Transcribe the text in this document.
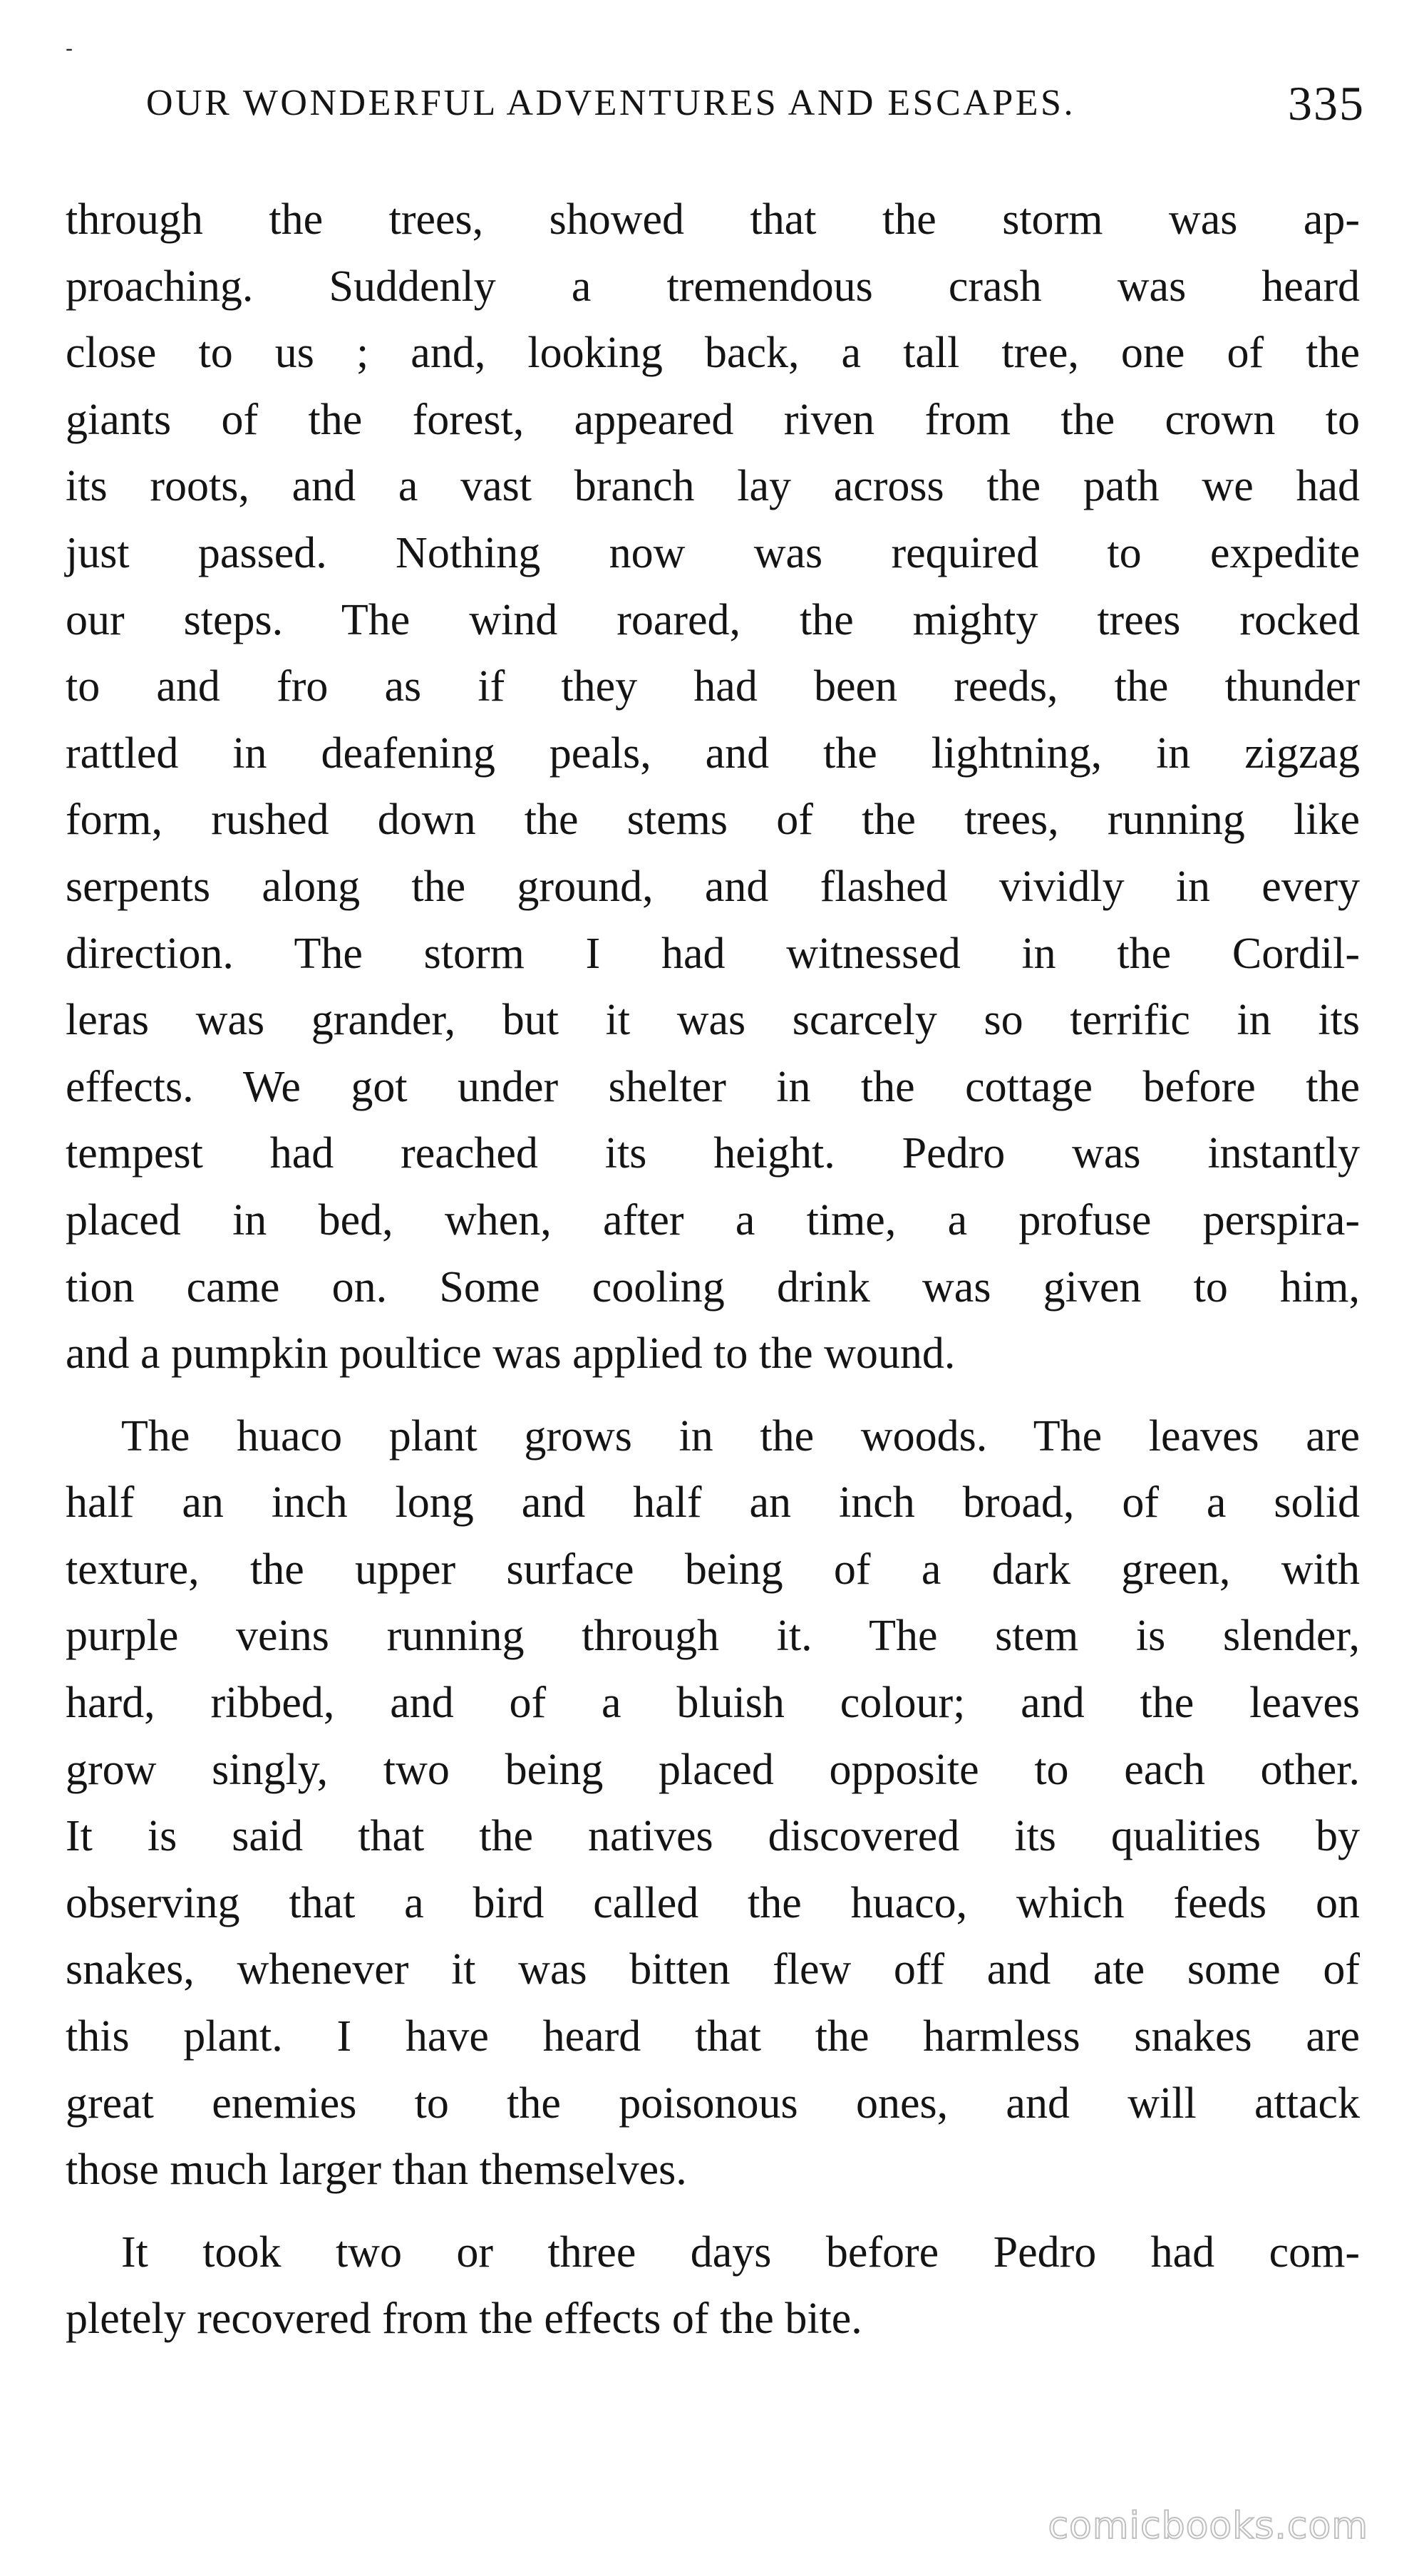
-
OUR WONDERFUL ADVENTURES AND ESCAPES.	335
through the trees, showed that the storm was ap-
proaching. Suddenly a tremendous crash was heard
close to us ; and, looking back, a tall tree, one of the
giants of the forest, appeared riven from the crown to
its roots, and a vast branch lay across the path we had
just passed. Nothing now was required to expedite
our steps. The wind roared, the mighty trees rocked
to and fro as if they had been reeds, the thunder
rattled in deafening peals, and the lightning, in zigzag
form, rushed down the stems of the trees, running like
serpents along the ground, and flashed vividly in every
direction. The storm I had witnessed in the Cordil-
leras was grander, but it was scarcely so terrific in its
effects. We got under shelter in the cottage before the
tempest had reached its height. Pedro was instantly
placed in bed, when, after a time, a profuse perspira-
tion came on. Some cooling drink was given to him,
and a pumpkin poultice was applied to the wound.
The huaco plant grows in the woods. The leaves are
half an inch long and half an inch broad, of a solid
texture, the upper surface being of a dark green, with
purple veins running through it. The stem is slender,
hard, ribbed, and of a bluish colour; and the leaves
grow singly, two being placed opposite to each other.
It is said that the natives discovered its qualities by
observing that a bird called the huaco, which feeds on
snakes, whenever it was bitten flew off and ate some of
this plant. I have heard that the harmless snakes are
great enemies to the poisonous ones, and will attack
those much larger than themselves.
It took two or three days before Pedro had com-
pletely recovered from the effects of the bite.
comicbooks.com
